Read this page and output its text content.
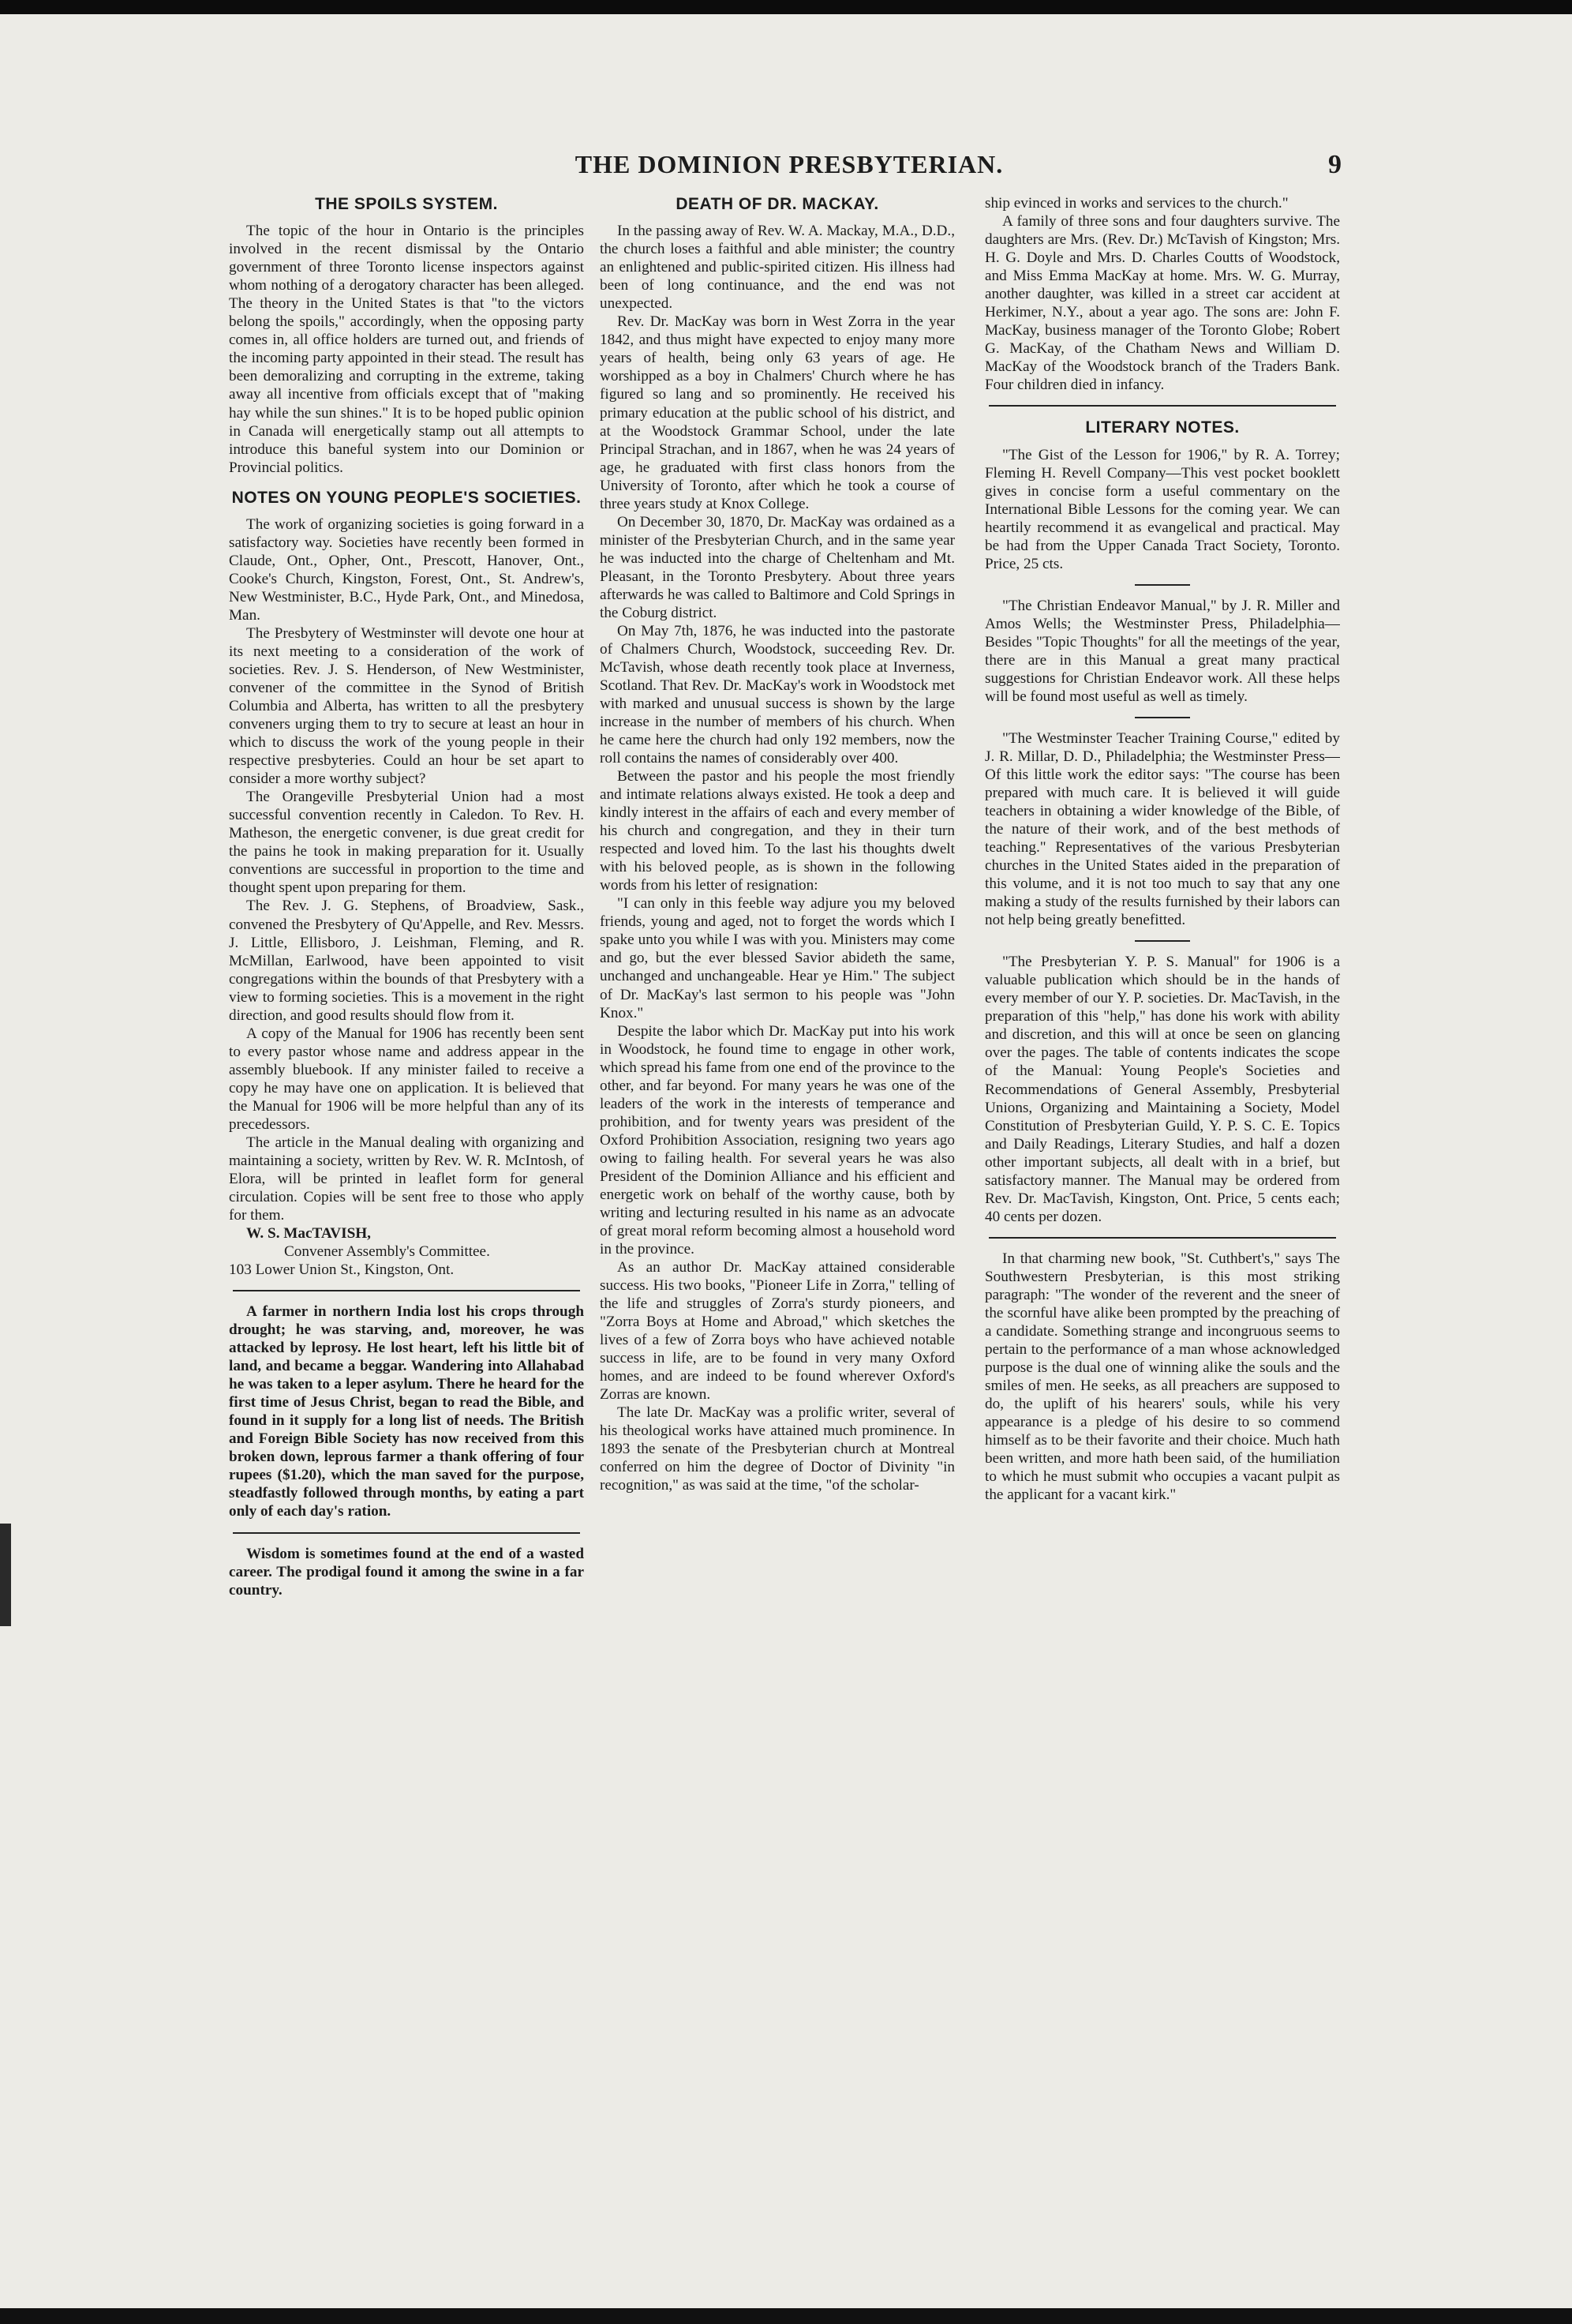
THE DOMINION PRESBYTERIAN.	9
THE SPOILS SYSTEM.

The topic of the hour in Ontario is the principles involved in the recent dismissal by the Ontario government of three Toronto license inspectors against whom nothing of a derogatory character has been alleged. The theory in the United States is that "to the victors belong the spoils," accordingly, when the opposing party comes in, all office holders are turned out, and friends of the incoming party appointed in their stead. The result has been demoralizing and corrupting in the extreme, taking away all incentive from officials except that of "making hay while the sun shines." It is to be hoped public opinion in Canada will energetically stamp out all attempts to introduce this baneful system into our Dominion or Provincial politics.

NOTES ON YOUNG PEOPLE'S SOCIETIES.

The work of organizing societies is going forward in a satisfactory way. Societies have recently been formed in Claude, Ont., Opher, Ont., Prescott, Hanover, Ont., Cooke's Church, Kingston, Forest, Ont., St. Andrew's, New Westminister, B.C., Hyde Park, Ont., and Minedosa, Man.

The Presbytery of Westminster will devote one hour at its next meeting to a consideration of the work of societies. Rev. J. S. Henderson, of New Westminister, convener of the committee in the Synod of British Columbia and Alberta, has written to all the presbytery conveners urging them to try to secure at least an hour in which to discuss the work of the young people in their respective presbyteries. Could an hour be set apart to consider a more worthy subject?

The Orangeville Presbyterial Union had a most successful convention recently in Caledon. To Rev. H. Matheson, the energetic convener, is due great credit for the pains he took in making preparation for it. Usually conventions are successful in proportion to the time and thought spent upon preparing for them.

The Rev. J. G. Stephens, of Broadview, Sask., convened the Presbytery of Qu'Appelle, and Rev. Messrs. J. Little, Ellisboro, J. Leishman, Fleming, and R. McMillan, Earlwood, have been appointed to visit congregations within the bounds of that Presbytery with a view to forming societies. This is a movement in the right direction, and good results should flow from it.

A copy of the Manual for 1906 has recently been sent to every pastor whose name and address appear in the assembly bluebook. If any minister failed to receive a copy he may have one on application. It is believed that the Manual for 1906 will be more helpful than any of its precedessors.

The article in the Manual dealing with organizing and maintaining a society, written by Rev. W. R. McIntosh, of Elora, will be printed in leaflet form for general circulation. Copies will be sent free to those who apply for them.

W. S. MacTAVISH,

Convener Assembly's Committee.

103 Lower Union St., Kingston, Ont.

A farmer in northern India lost his crops through drought; he was starving, and, moreover, he was attacked by leprosy. He lost heart, left his little bit of land, and became a beggar. Wandering into Allahabad he was taken to a leper asylum. There he heard for the first time of Jesus Christ, began to read the Bible, and found in it supply for a long list of needs. The British and Foreign Bible Society has now received from this broken down, leprous farmer a thank offering of four rupees ($1.20), which the man saved for the purpose, steadfastly followed through months, by eating a part only of each day's ration.

Wisdom is sometimes found at the end of a wasted career. The prodigal found it among the swine in a far country.

DEATH OF DR. MACKAY.

In the passing away of Rev. W. A. Mackay, M.A., D.D., the church loses a faithful and able minister; the country an enlightened and public-spirited citizen. His illness had been of long continuance, and the end was not unexpected.

Rev. Dr. MacKay was born in West Zorra in the year 1842, and thus might have expected to enjoy many more years of health, being only 63 years of age. He worshipped as a boy in Chalmers' Church where he has figured so lang and so prominently. He received his primary education at the public school of his district, and at the Woodstock Grammar School, under the late Principal Strachan, and in 1867, when he was 24 years of age, he graduated with first class honors from the University of Toronto, after which he took a course of three years study at Knox College.

On December 30, 1870, Dr. MacKay was ordained as a minister of the Presbyterian Church, and in the same year he was inducted into the charge of Cheltenham and Mt. Pleasant, in the Toronto Presbytery. About three years afterwards he was called to Baltimore and Cold Springs in the Coburg district.

On May 7th, 1876, he was inducted into the pastorate of Chalmers Church, Woodstock, succeeding Rev. Dr. McTavish, whose death recently took place at Inverness, Scotland. That Rev. Dr. MacKay's work in Woodstock met with marked and unusual success is shown by the large increase in the number of members of his church. When he came here the church had only 192 members, now the roll contains the names of considerably over 400.

Between the pastor and his people the most friendly and intimate relations always existed. He took a deep and kindly interest in the affairs of each and every member of his church and congregation, and they in their turn respected and loved him. To the last his thoughts dwelt with his beloved people, as is shown in the following words from his letter of resignation:

"I can only in this feeble way adjure you my beloved friends, young and aged, not to forget the words which I spake unto you while I was with you. Ministers may come and go, but the ever blessed Savior abideth the same, unchanged and unchangeable. Hear ye Him." The subject of Dr. MacKay's last sermon to his people was "John Knox."

Despite the labor which Dr. MacKay put into his work in Woodstock, he found time to engage in other work, which spread his fame from one end of the province to the other, and far beyond. For many years he was one of the leaders of the work in the interests of temperance and prohibition, and for twenty years was president of the Oxford Prohibition Association, resigning two years ago owing to failing health. For several years he was also President of the Dominion Alliance and his efficient and energetic work on behalf of the worthy cause, both by writing and lecturing resulted in his name as an advocate of great moral reform becoming almost a household word in the province.

As an author Dr. MacKay attained considerable success. His two books, "Pioneer Life in Zorra," telling of the life and struggles of Zorra's sturdy pioneers, and "Zorra Boys at Home and Abroad," which sketches the lives of a few of Zorra boys who have achieved notable success in life, are to be found in very many Oxford homes, and are indeed to be found wherever Oxford's Zorras are known.

The late Dr. MacKay was a prolific writer, several of his theological works have attained much prominence. In 1893 the senate of the Presbyterian church at Montreal conferred on him the degree of Doctor of Divinity "in recognition," as was said at the time, "of the scholar-

ship evinced in works and services to the church."

A family of three sons and four daughters survive. The daughters are Mrs. (Rev. Dr.) McTavish of Kingston; Mrs. H. G. Doyle and Mrs. D. Charles Coutts of Woodstock, and Miss Emma MacKay at home. Mrs. W. G. Murray, another daughter, was killed in a street car accident at Herkimer, N.Y., about a year ago. The sons are: John F. MacKay, business manager of the Toronto Globe; Robert G. MacKay, of the Chatham News and William D. MacKay of the Woodstock branch of the Traders Bank. Four children died in infancy.

LITERARY NOTES.

"The Gist of the Lesson for 1906," by R. A. Torrey; Fleming H. Revell Company—This vest pocket booklett gives in concise form a useful commentary on the International Bible Lessons for the coming year. We can heartily recommend it as evangelical and practical. May be had from the Upper Canada Tract Society, Toronto. Price, 25 cts.

"The Christian Endeavor Manual," by J. R. Miller and Amos Wells; the Westminster Press, Philadelphia—Besides "Topic Thoughts" for all the meetings of the year, there are in this Manual a great many practical suggestions for Christian Endeavor work. All these helps will be found most useful as well as timely.

"The Westminster Teacher Training Course," edited by J. R. Millar, D. D., Philadelphia; the Westminster Press—Of this little work the editor says: "The course has been prepared with much care. It is believed it will guide teachers in obtaining a wider knowledge of the Bible, of the nature of their work, and of the best methods of teaching." Representatives of the various Presbyterian churches in the United States aided in the preparation of this volume, and it is not too much to say that any one making a study of the results furnished by their labors can not help being greatly benefitted.

"The Presbyterian Y. P. S. Manual" for 1906 is a valuable publication which should be in the hands of every member of our Y. P. societies. Dr. MacTavish, in the preparation of this "help," has done his work with ability and discretion, and this will at once be seen on glancing over the pages. The table of contents indicates the scope of the Manual: Young People's Societies and Recommendations of General Assembly, Presbyterial Unions, Organizing and Maintaining a Society, Model Constitution of Presbyterian Guild, Y. P. S. C. E. Topics and Daily Readings, Literary Studies, and half a dozen other important subjects, all dealt with in a brief, but satisfactory manner. The Manual may be ordered from Rev. Dr. MacTavish, Kingston, Ont. Price, 5 cents each; 40 cents per dozen.

In that charming new book, "St. Cuthbert's," says The Southwestern Presbyterian, is this most striking paragraph: "The wonder of the reverent and the sneer of the scornful have alike been prompted by the preaching of a candidate. Something strange and incongruous seems to pertain to the performance of a man whose acknowledged purpose is the dual one of winning alike the souls and the smiles of men. He seeks, as all preachers are supposed to do, the uplift of his hearers' souls, while his very appearance is a pledge of his desire to so commend himself as to be their favorite and their choice. Much hath been written, and more hath been said, of the humiliation to which he must submit who occupies a vacant pulpit as the applicant for a vacant kirk."
